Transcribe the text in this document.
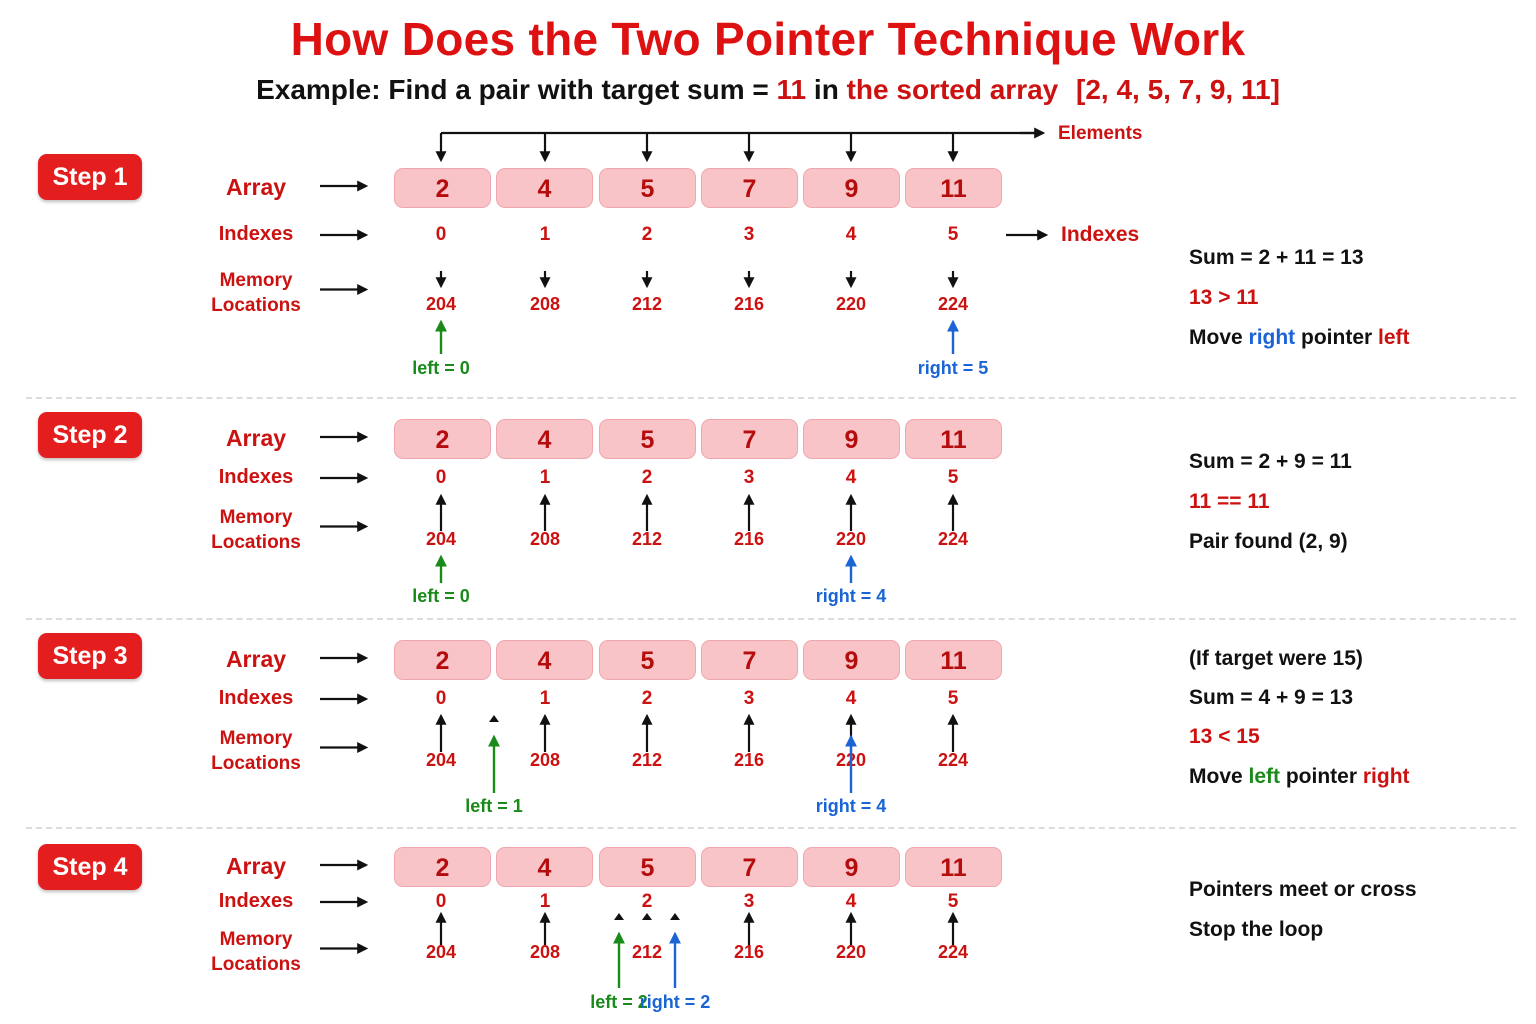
How Does the Two Pointer Technique Work
Example: Find a pair with target sum = 11 in the sorted array [2, 4, 5, 7, 9, 11]
Step 1	Array
Indexes
Memory
Locations
2
0
204
4
1
208
5
2
212
7
3
216
9
4
220
11
5
224
left = 0	right = 5
Sum = 2 + 11 = 13
13 > 11
Move right pointer left
Step 2	Array
Indexes
Memory
Locations
2
0
204
4
1
208
5
2
212
7
3
216
9
4
220
11
5
224
left = 0	right = 4
Sum = 2 + 9 = 11
11 == 11
Pair found (2, 9)
Step 3	Array
Indexes
Memory
Locations
2
0
204
4
1
208
5
2
212
7
3
216
9
4
220
11
5
224
left = 1	right = 4
(If target were 15)
Sum = 4 + 9 = 13
13 < 15
Move left pointer right
Step 4	Array
Indexes
Memory
Locations
2
0
204
4
1
208
5
2
212
7
3
216
9
4
220
11
5
224
left = 2
right = 2
Pointers meet or cross
Stop the loop
Elements
Indexes
